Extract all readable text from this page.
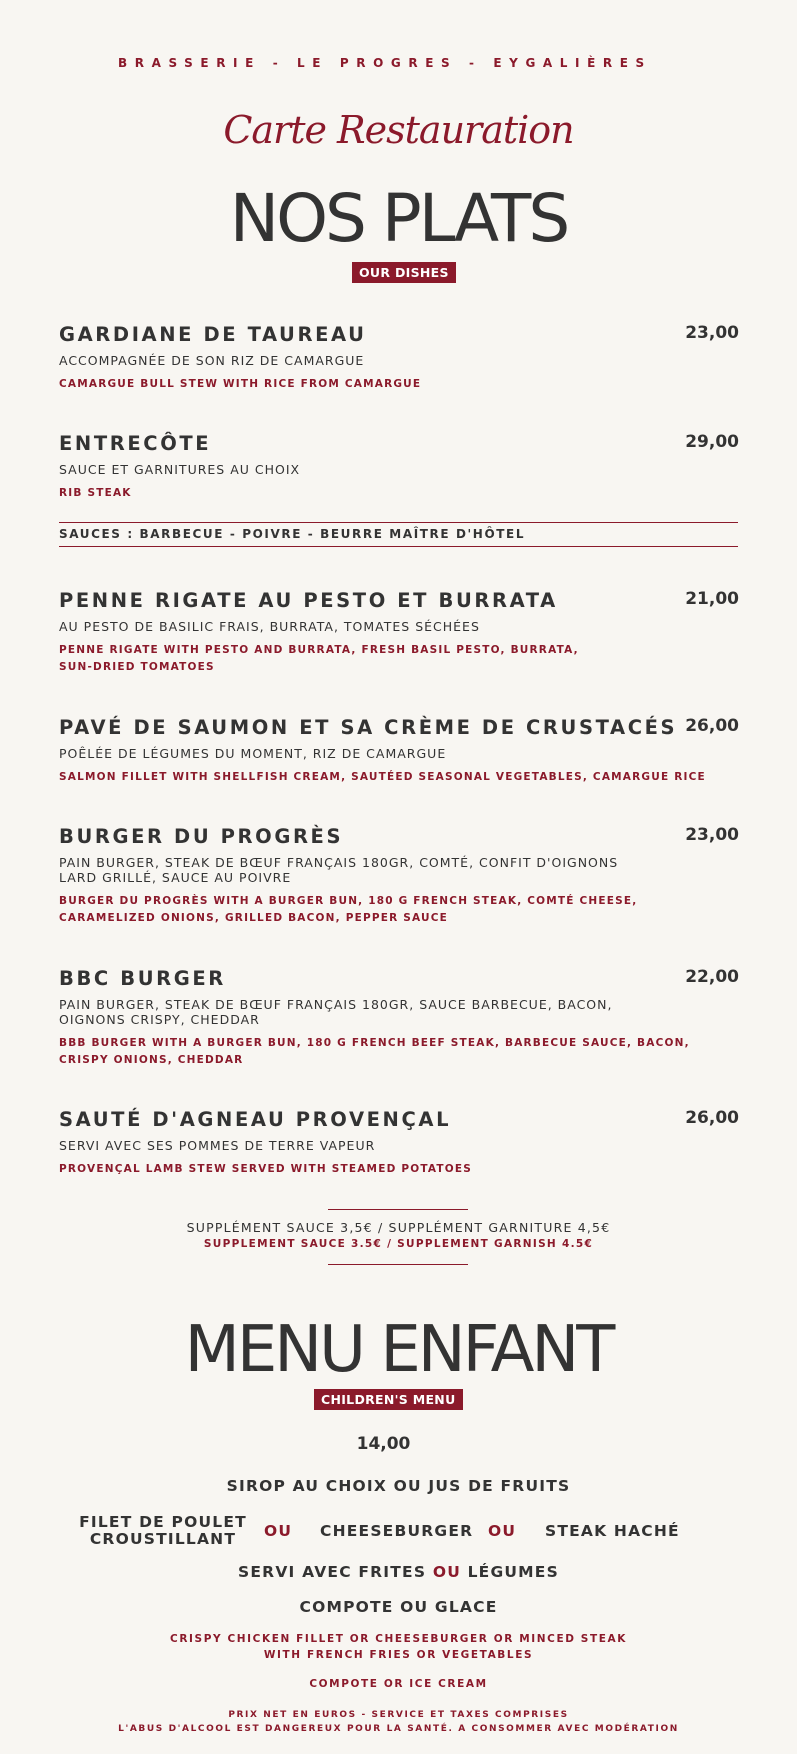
BRASSERIE - LE PROGRES - EYGALIÈRES
Carte Restauration
NOS PLATS
OUR DISHES
GARDIANE DE TAUREAU	23,00
ACCOMPAGNÉE DE SON RIZ DE CAMARGUE
CAMARGUE BULL STEW WITH RICE FROM CAMARGUE
ENTRECÔTE	29,00
SAUCE ET GARNITURES AU CHOIX
RIB STEAK
SAUCES : BARBECUE - POIVRE - BEURRE MAÎTRE D'HÔTEL
PENNE RIGATE AU PESTO ET BURRATA	21,00
AU PESTO DE BASILIC FRAIS, BURRATA, TOMATES SÉCHÉES
PENNE RIGATE WITH PESTO AND BURRATA, FRESH BASIL PESTO, BURRATA, SUN-DRIED TOMATOES
PAVÉ DE SAUMON ET SA CRÈME DE CRUSTACÉS 26,00
POÊLÉE DE LÉGUMES DU MOMENT, RIZ DE CAMARGUE
SALMON FILLET WITH SHELLFISH CREAM, SAUTÉED SEASONAL VEGETABLES, CAMARGUE RICE
BURGER DU PROGRÈS	23,00
PAIN BURGER, STEAK DE BŒUF FRANÇAIS 180GR, COMTÉ, CONFIT D'OIGNONS LARD GRILLÉ, SAUCE AU POIVRE
BURGER DU PROGRÈS WITH A BURGER BUN, 180 G FRENCH STEAK, COMTÉ CHEESE, CARAMELIZED ONIONS, GRILLED BACON, PEPPER SAUCE
BBC BURGER	22,00
PAIN BURGER, STEAK DE BŒUF FRANÇAIS 180GR, SAUCE BARBECUE, BACON, OIGNONS CRISPY, CHEDDAR
BBB BURGER WITH A BURGER BUN, 180 G FRENCH BEEF STEAK, BARBECUE SAUCE, BACON, CRISPY ONIONS, CHEDDAR
SAUTÉ D'AGNEAU PROVENÇAL	26,00
SERVI AVEC SES POMMES DE TERRE VAPEUR
PROVENÇAL LAMB STEW SERVED WITH STEAMED POTATOES
SUPPLÉMENT SAUCE 3,5€ / SUPPLÉMENT GARNITURE 4,5€
SUPPLEMENT SAUCE 3.5€ / SUPPLEMENT GARNISH 4.5€
MENU ENFANT
CHILDREN'S MENU
14,00
SIROP AU CHOIX OU JUS DE FRUITS
FILET DE POULET CROUSTILLANT	OU CHEESEBURGER OU STEAK HACHÉ
SERVI AVEC FRITES OU LÉGUMES
COMPOTE OU GLACE
CRISPY CHICKEN FILLET OR CHEESEBURGER OR MINCED STEAK
WITH FRENCH FRIES OR VEGETABLES
COMPOTE OR ICE CREAM
PRIX NET EN EUROS - SERVICE ET TAXES COMPRISES
L'ABUS D'ALCOOL EST DANGEREUX POUR LA SANTÉ. A CONSOMMER AVEC MODÉRATION
